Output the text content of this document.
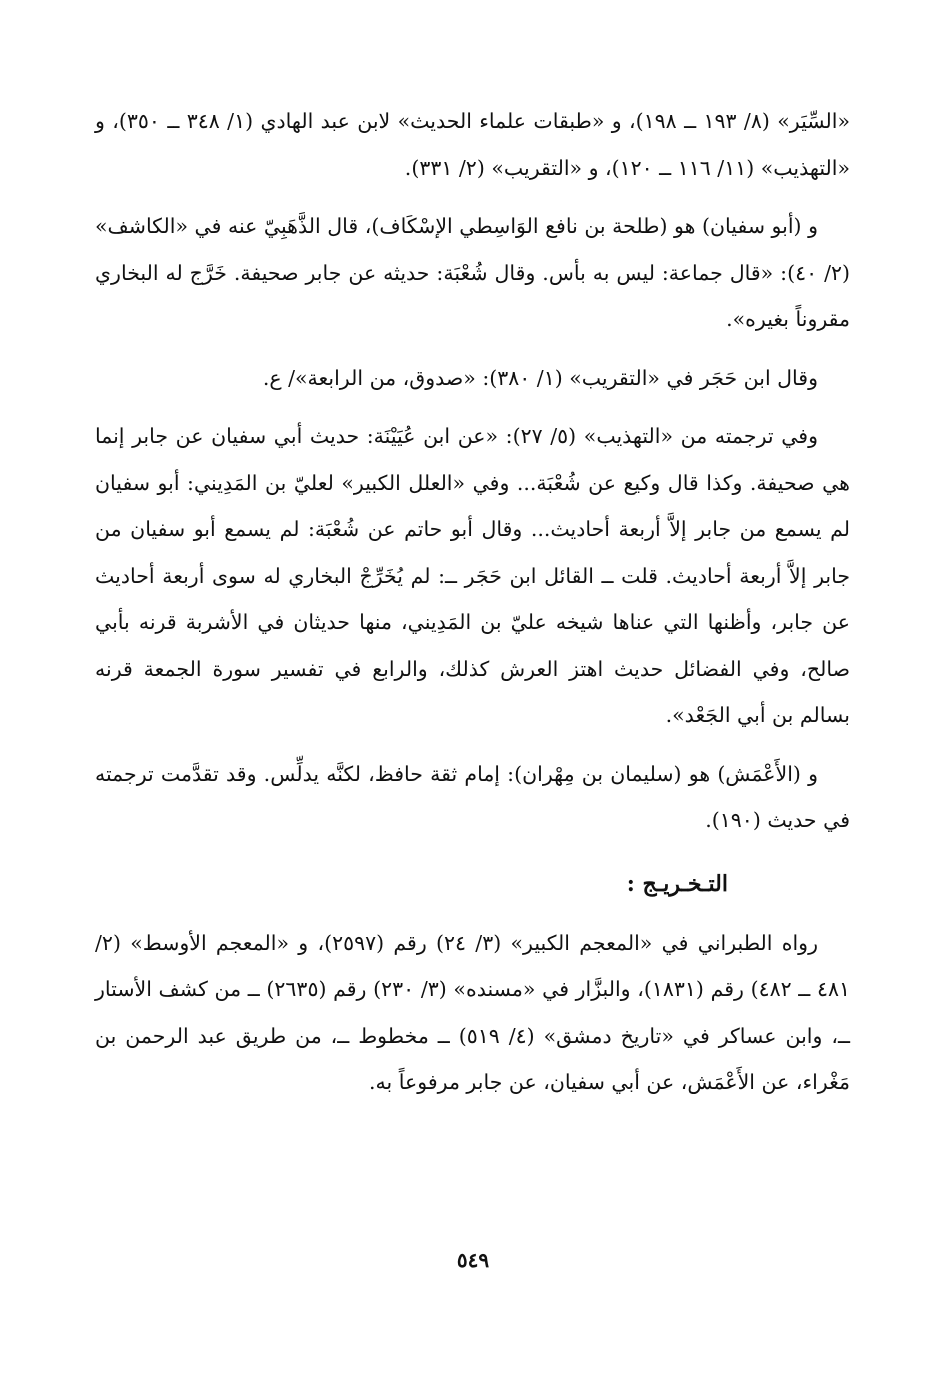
«السِّيَر» (٨/ ١٩٣ ــ ١٩٨)، و «طبقات علماء الحديث» لابن عبد الهادي (١/ ٣٤٨ ــ ٣٥٠)، و «التهذيب» (١١/ ١١٦ ــ ١٢٠)، و «التقريب» (٢/ ٣٣١).

و (أبو سفيان) هو (طلحة بن نافع الوَاسِطي الإسْكَاف)، قال الذَّهَبِيّ عنه في «الكاشف» (٢/ ٤٠): «قال جماعة: ليس به بأس. وقال شُعْبَة: حديثه عن جابر صحيفة. خَرَّج له البخاري مقروناً بغيره».

وقال ابن حَجَر في «التقريب» (١/ ٣٨٠): «صدوق، من الرابعة»/ ع.

وفي ترجمته من «التهذيب» (٥/ ٢٧): «عن ابن عُيَيْنَة: حديث أبي سفيان عن جابر إنما هي صحيفة. وكذا قال وكيع عن شُعْبَة... وفي «العلل الكبير» لعليّ بن المَدِيني: أبو سفيان لم يسمع من جابر إلاَّ أربعة أحاديث... وقال أبو حاتم عن شُعْبَة: لم يسمع أبو سفيان من جابر إلاَّ أربعة أحاديث. قلت ــ القائل ابن حَجَر ــ: لم يُخَرِّجْ البخاري له سوى أربعة أحاديث عن جابر، وأظنها التي عناها شيخه عليّ بن المَدِيني، منها حديثان في الأشربة قرنه بأبي صالح، وفي الفضائل حديث اهتز العرش كذلك، والرابع في تفسير سورة الجمعة قرنه بسالم بن أبي الجَعْد».

و (الأَعْمَش) هو (سليمان بن مِهْران): إمام ثقة حافظ، لكنَّه يدلِّس. وقد تقدَّمت ترجمته في حديث (١٩٠).

التـخـريـج :

رواه الطبراني في «المعجم الكبير» (٣/ ٢٤) رقم (٢٥٩٧)، و «المعجم الأوسط» (٢/ ٤٨١ ــ ٤٨٢) رقم (١٨٣١)، والبزَّار في «مسنده» (٣/ ٢٣٠) رقم (٢٦٣٥) ــ من كشف الأستار ــ، وابن عساكر في «تاريخ دمشق» (٤/ ٥١٩) ــ مخطوط ــ، من طريق عبد الرحمن بن مَغْراء، عن الأَعْمَش، عن أبي سفيان، عن جابر مرفوعاً به.

٥٤٩
